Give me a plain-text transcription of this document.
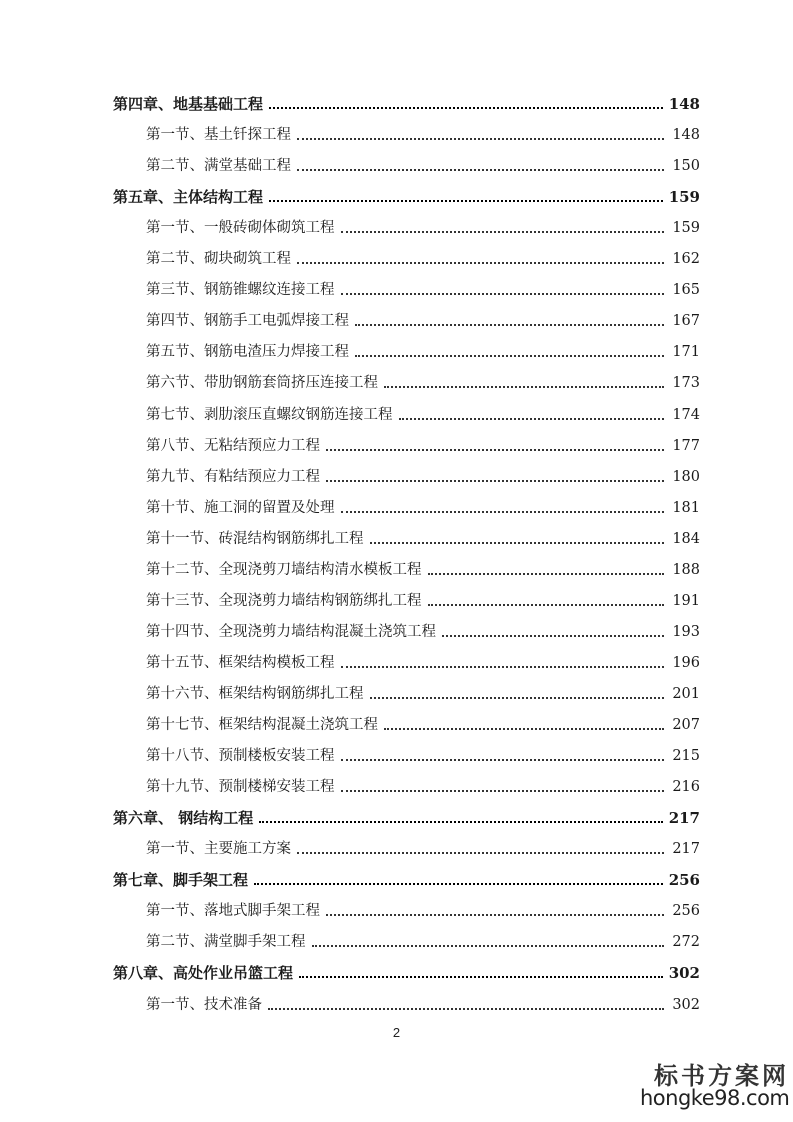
第四章、地基基础工程	148
第一节、基土钎探工程	148
第二节、满堂基础工程	150
第五章、主体结构工程	159
第一节、一般砖砌体砌筑工程	159
第二节、砌块砌筑工程	162
第三节、钢筋锥螺纹连接工程	165
第四节、钢筋手工电弧焊接工程	167
第五节、钢筋电渣压力焊接工程	171
第六节、带肋钢筋套筒挤压连接工程	173
第七节、剥肋滚压直螺纹钢筋连接工程	174
第八节、无粘结预应力工程	177
第九节、有粘结预应力工程	180
第十节、施工洞的留置及处理	181
第十一节、砖混结构钢筋绑扎工程	184
第十二节、全现浇剪刀墙结构清水模板工程	188
第十三节、全现浇剪力墙结构钢筋绑扎工程	191
第十四节、全现浇剪力墙结构混凝土浇筑工程	193
第十五节、框架结构模板工程	196
第十六节、框架结构钢筋绑扎工程	201
第十七节、框架结构混凝土浇筑工程	207
第十八节、预制楼板安装工程	215
第十九节、预制楼梯安装工程	216
第六章、 钢结构工程	217
第一节、主要施工方案	217
第七章、脚手架工程	256
第一节、落地式脚手架工程	256
第二节、满堂脚手架工程	272
第八章、高处作业吊篮工程	302
第一节、技术准备	302
2
标书方案网
hongke98.com
